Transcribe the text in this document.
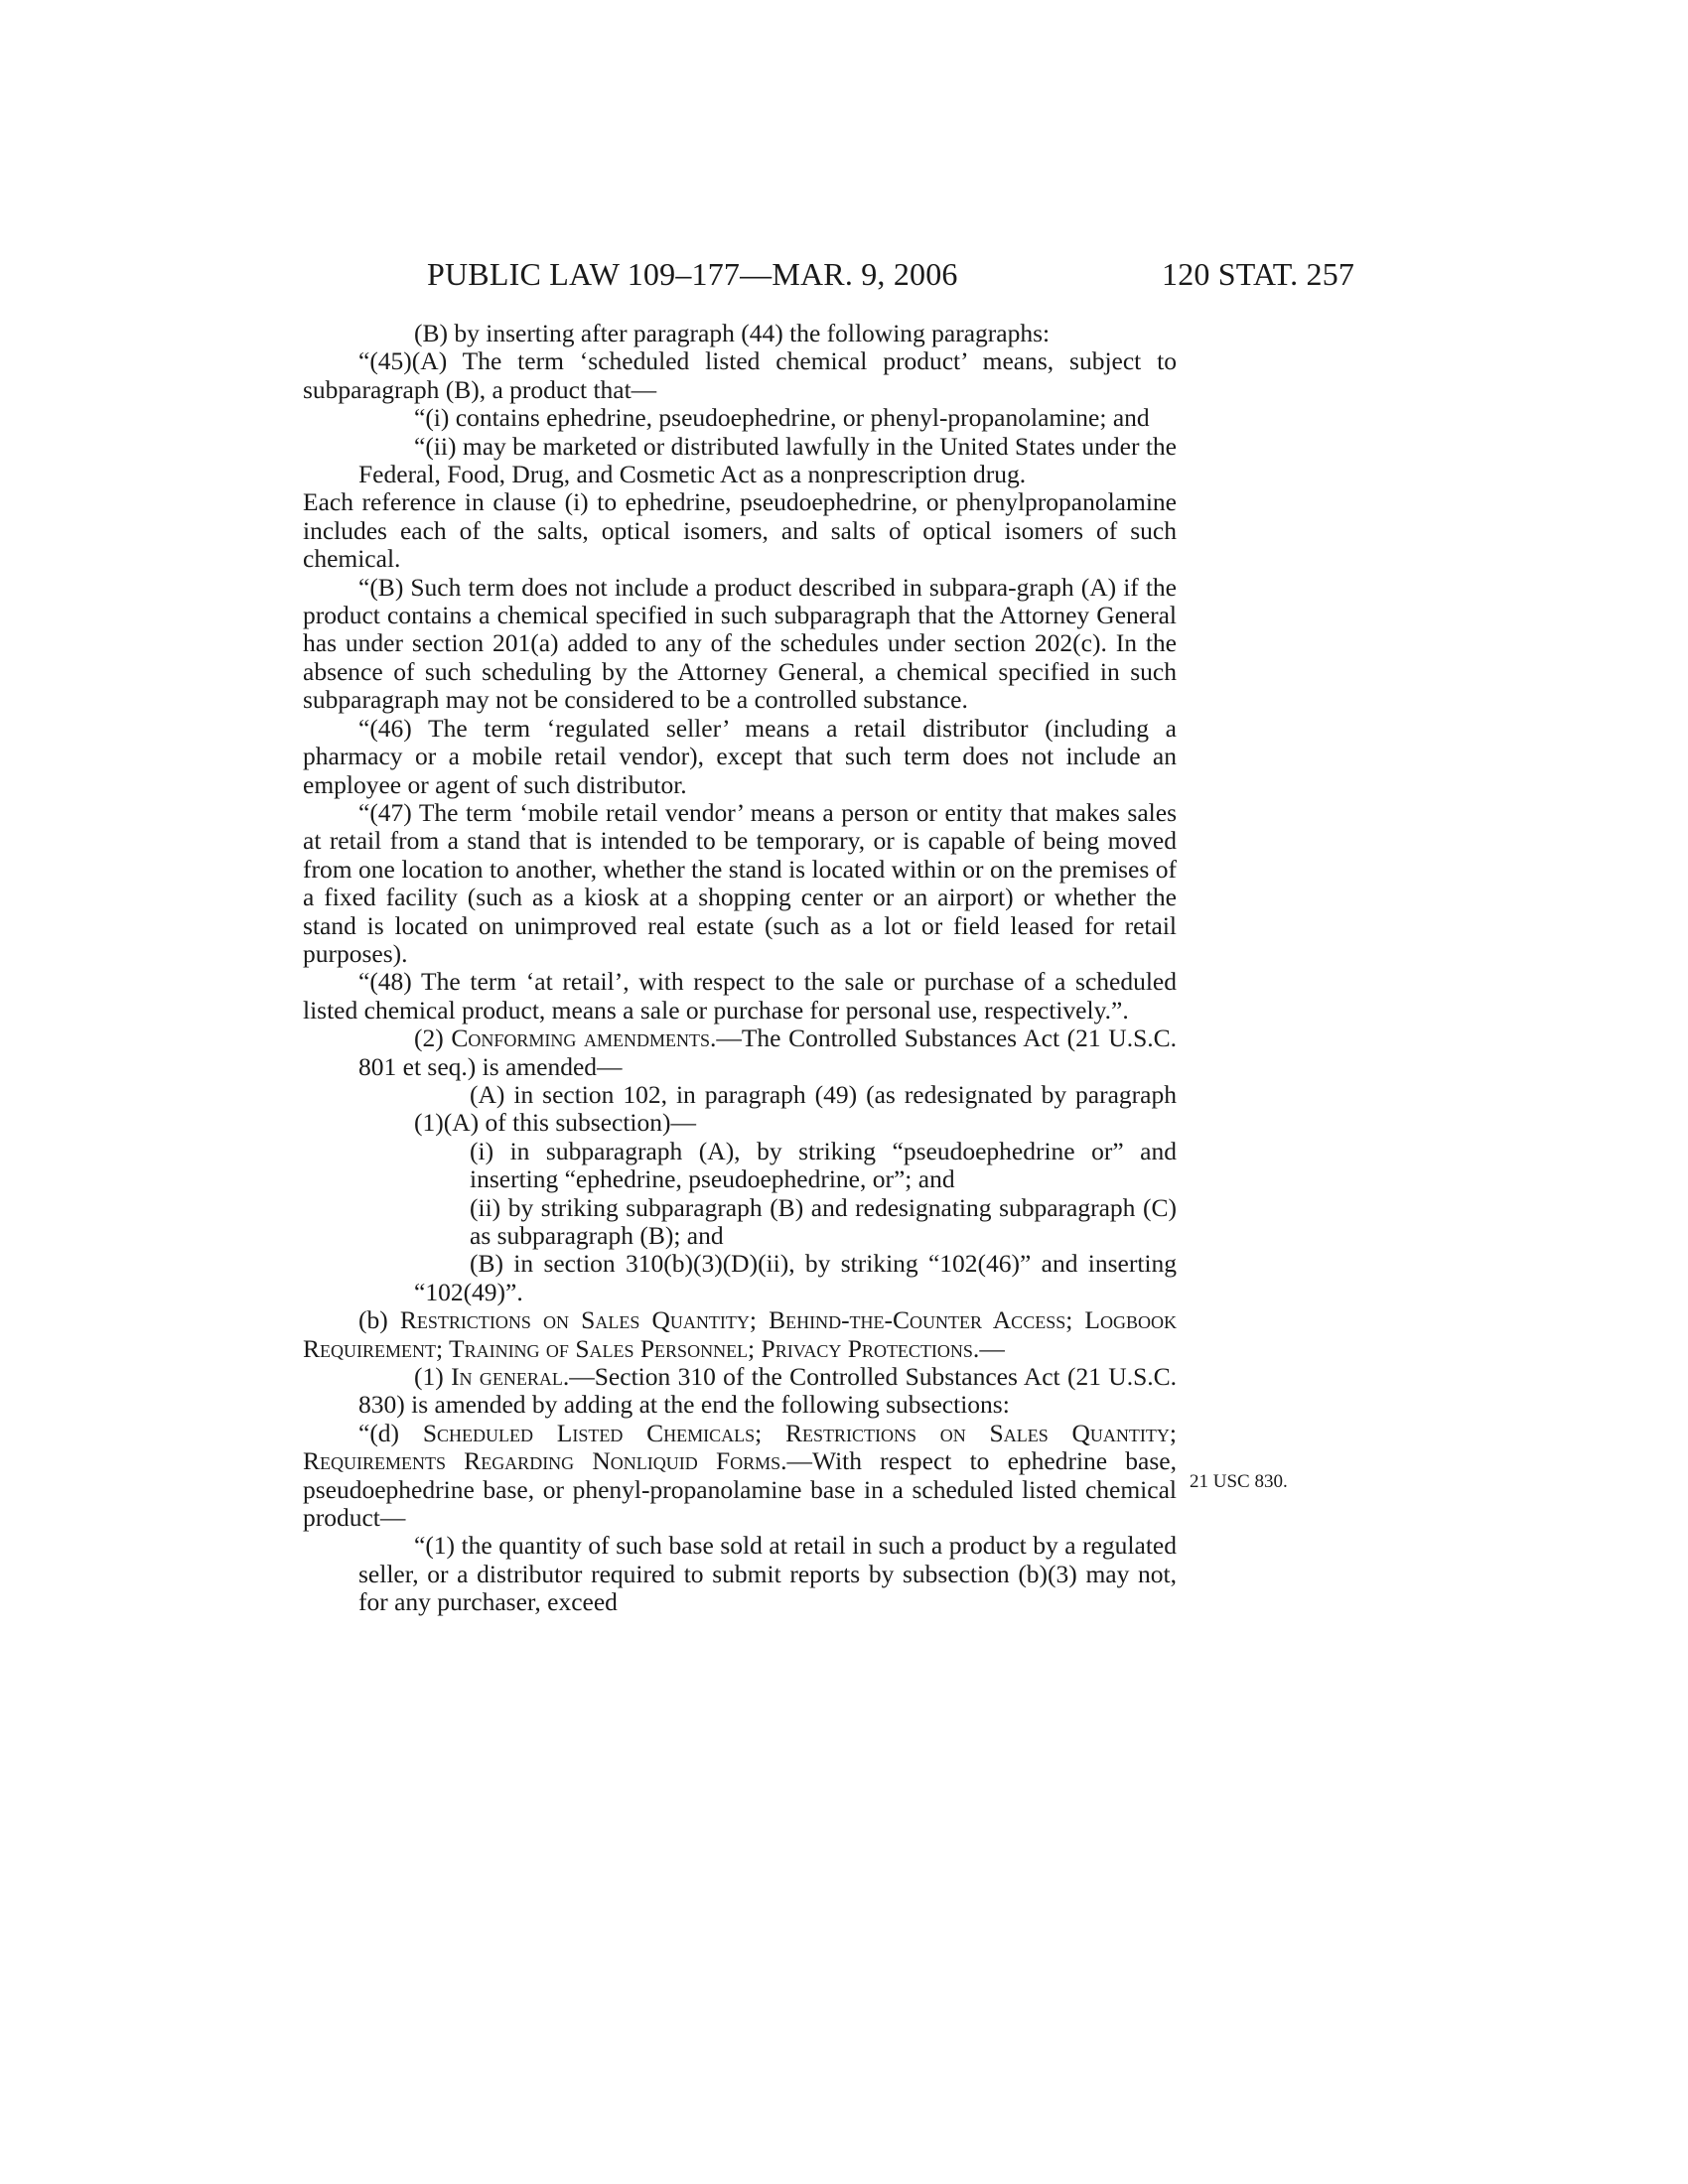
PUBLIC LAW 109–177—MAR. 9, 2006	120 STAT. 257

(B) by inserting after paragraph (44) the following paragraphs:

“(45)(A) The term ‘scheduled listed chemical product’ means, subject to subparagraph (B), a product that—

“(i) contains ephedrine, pseudoephedrine, or phenyl-propanolamine; and

“(ii) may be marketed or distributed lawfully in the United States under the Federal, Food, Drug, and Cosmetic Act as a nonprescription drug.

Each reference in clause (i) to ephedrine, pseudoephedrine, or phenylpropanolamine includes each of the salts, optical isomers, and salts of optical isomers of such chemical.

“(B) Such term does not include a product described in subpara-graph (A) if the product contains a chemical specified in such subparagraph that the Attorney General has under section 201(a) added to any of the schedules under section 202(c). In the absence of such scheduling by the Attorney General, a chemical specified in such subparagraph may not be considered to be a controlled substance.

“(46) The term ‘regulated seller’ means a retail distributor (including a pharmacy or a mobile retail vendor), except that such term does not include an employee or agent of such distributor.

“(47) The term ‘mobile retail vendor’ means a person or entity that makes sales at retail from a stand that is intended to be temporary, or is capable of being moved from one location to another, whether the stand is located within or on the premises of a fixed facility (such as a kiosk at a shopping center or an airport) or whether the stand is located on unimproved real estate (such as a lot or field leased for retail purposes).

“(48) The term ‘at retail’, with respect to the sale or purchase of a scheduled listed chemical product, means a sale or purchase for personal use, respectively.”.

(2) Conforming amendments.—The Controlled Substances Act (21 U.S.C. 801 et seq.) is amended—

(A) in section 102, in paragraph (49) (as redesignated by paragraph (1)(A) of this subsection)—

(i) in subparagraph (A), by striking “pseudoephedrine or” and inserting “ephedrine, pseudoephedrine, or”; and

(ii) by striking subparagraph (B) and redesignating subparagraph (C) as subparagraph (B); and

(B) in section 310(b)(3)(D)(ii), by striking “102(46)” and inserting “102(49)”.

(b) Restrictions on Sales Quantity; Behind-the-Counter Access; Logbook Requirement; Training of Sales Personnel; Privacy Protections.—

(1) In general.—Section 310 of the Controlled Substances Act (21 U.S.C. 830) is amended by adding at the end the following subsections:

“(d) Scheduled Listed Chemicals; Restrictions on Sales Quantity; Requirements Regarding Nonliquid Forms.—With respect to ephedrine base, pseudoephedrine base, or phenyl-propanolamine base in a scheduled listed chemical product—

“(1) the quantity of such base sold at retail in such a product by a regulated seller, or a distributor required to submit reports by subsection (b)(3) may not, for any purchaser, exceed

21 USC 830.
